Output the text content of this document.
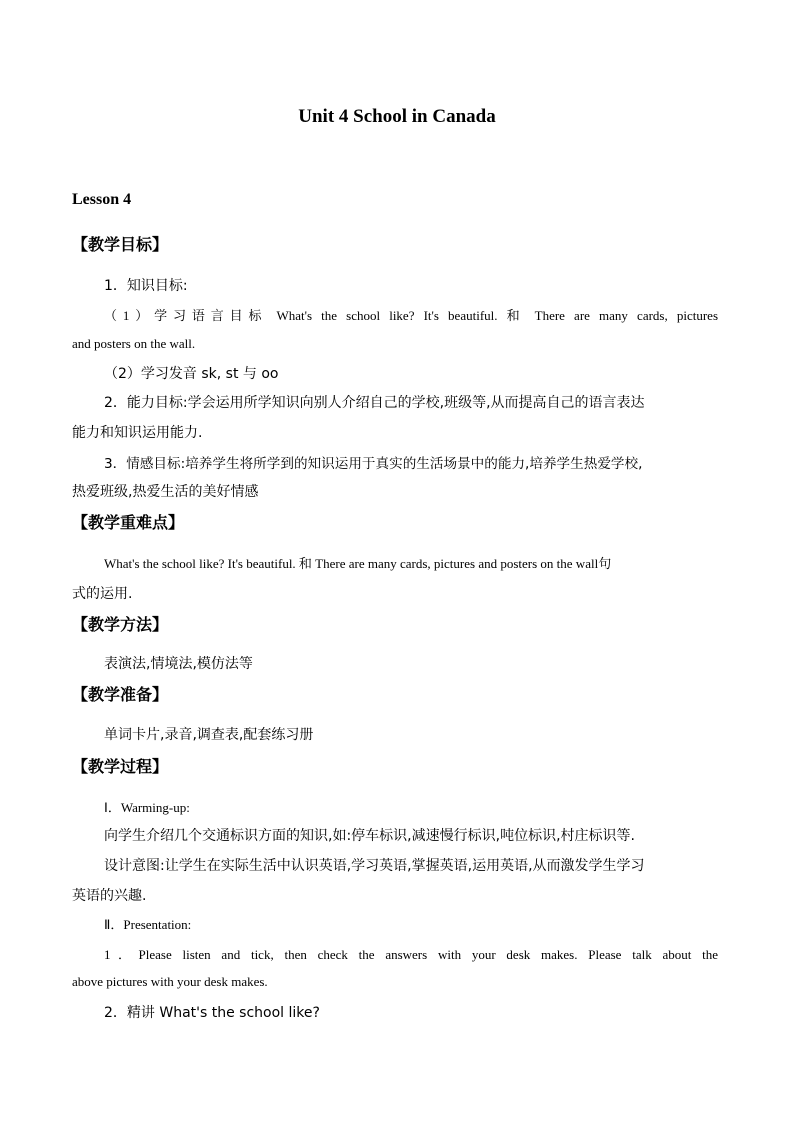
Unit 4 School in Canada
Lesson 4
【教学目标】
1．知识目标:
（1）学习语言目标 What's the school like? It's beautiful. 和 There are many cards, pictures
and posters on the wall.
（2）学习发音 sk, st 与 oo
2．能力目标:学会运用所学知识向别人介绍自己的学校,班级等,从而提高自己的语言表达
能力和知识运用能力.
3．情感目标:培养学生将所学到的知识运用于真实的生活场景中的能力,培养学生热爱学校,
热爱班级,热爱生活的美好情感
【教学重难点】
What's the school like? It's beautiful. 和 There are many cards, pictures and posters on the wall句
式的运用.
【教学方法】
表演法,情境法,模仿法等
【教学准备】
单词卡片,录音,调查表,配套练习册
【教学过程】
Ⅰ．Warming-up:
向学生介绍几个交通标识方面的知识,如:停车标识,减速慢行标识,吨位标识,村庄标识等.
设计意图:让学生在实际生活中认识英语,学习英语,掌握英语,运用英语,从而激发学生学习
英语的兴趣.
Ⅱ．Presentation:
1．Please listen and tick, then check the answers with your desk makes. Please talk about the
above pictures with your desk makes.
2．精讲 What's the school like?
